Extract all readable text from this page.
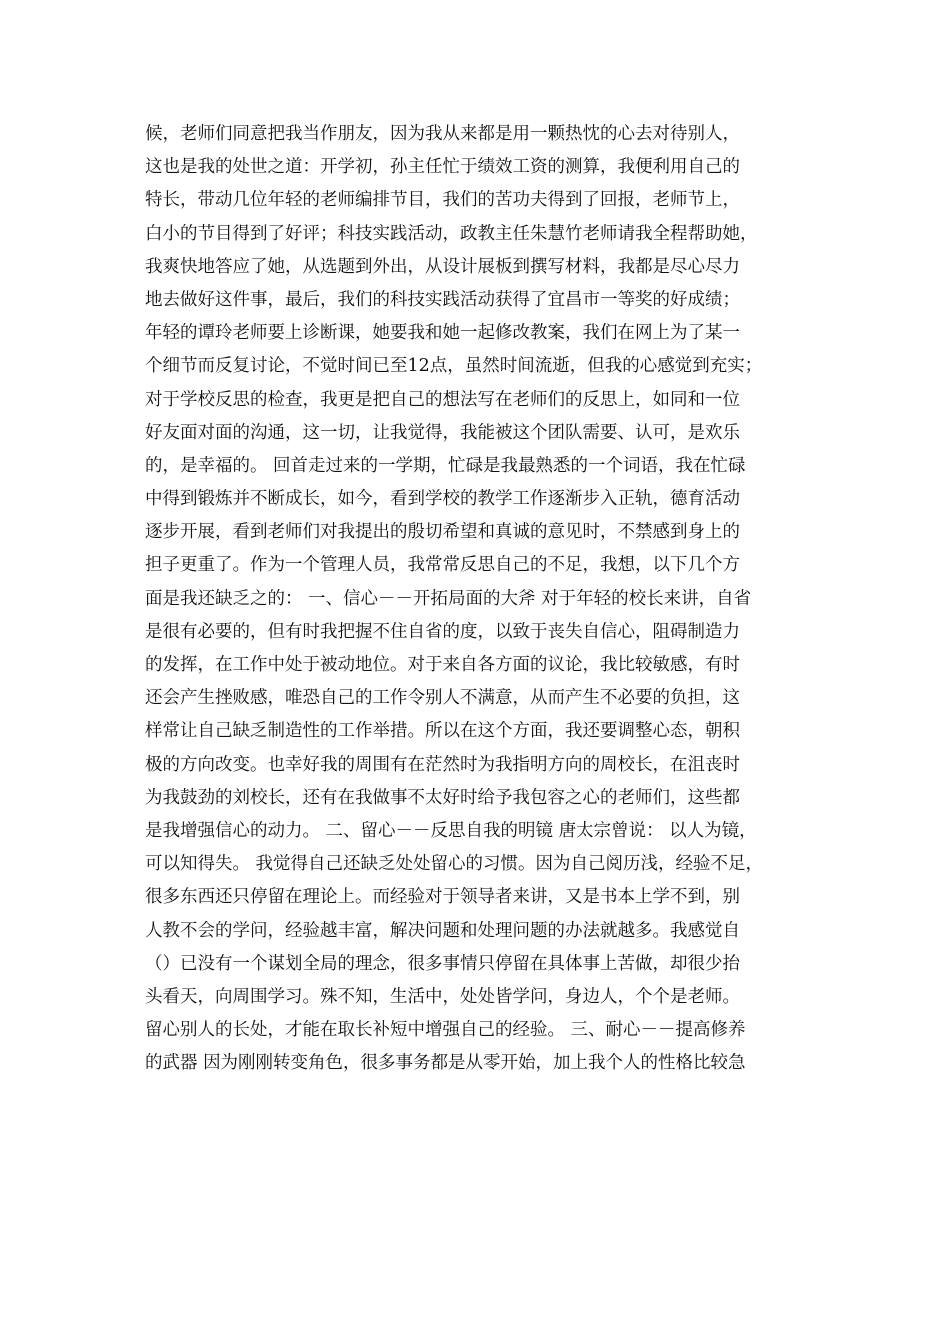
候，老师们同意把我当作朋友，因为我从来都是用一颗热忱的心去对待别人，
这也是我的处世之道：开学初，孙主任忙于绩效工资的测算，我便利用自己的
特长，带动几位年轻的老师编排节目，我们的苦功夫得到了回报，老师节上，
白小的节目得到了好评；科技实践活动，政教主任朱慧竹老师请我全程帮助她，
我爽快地答应了她，从选题到外出，从设计展板到撰写材料，我都是尽心尽力
地去做好这件事，最后，我们的科技实践活动获得了宜昌市一等奖的好成绩；
年轻的谭玲老师要上诊断课，她要我和她一起修改教案，我们在网上为了某一
个细节而反复讨论，不觉时间已至12点，虽然时间流逝，但我的心感觉到充实；
对于学校反思的检查，我更是把自己的想法写在老师们的反思上，如同和一位
好友面对面的沟通，这一切，让我觉得，我能被这个团队需要、认可，是欢乐
的，是幸福的。 回首走过来的一学期，忙碌是我最熟悉的一个词语，我在忙碌
中得到锻炼并不断成长，如今，看到学校的教学工作逐渐步入正轨，德育活动
逐步开展，看到老师们对我提出的殷切希望和真诚的意见时，不禁感到身上的
担子更重了。作为一个管理人员，我常常反思自己的不足，我想，以下几个方
面是我还缺乏之的： 一、信心－－开拓局面的大斧 对于年轻的校长来讲，自省
是很有必要的，但有时我把握不住自省的度，以致于丧失自信心，阻碍制造力
的发挥，在工作中处于被动地位。对于来自各方面的议论，我比较敏感，有时
还会产生挫败感，唯恐自己的工作令别人不满意，从而产生不必要的负担，这
样常让自己缺乏制造性的工作举措。所以在这个方面，我还要调整心态，朝积
极的方向改变。也幸好我的周围有在茫然时为我指明方向的周校长，在沮丧时
为我鼓劲的刘校长，还有在我做事不太好时给予我包容之心的老师们，这些都
是我增强信心的动力。 二、留心－－反思自我的明镜 唐太宗曾说： 以人为镜，
可以知得失。 我觉得自己还缺乏处处留心的习惯。因为自己阅历浅，经验不足，
很多东西还只停留在理论上。而经验对于领导者来讲，又是书本上学不到，别
人教不会的学问，经验越丰富，解决问题和处理问题的办法就越多。我感觉自
（）已没有一个谋划全局的理念，很多事情只停留在具体事上苦做，却很少抬
头看天，向周围学习。殊不知，生活中，处处皆学问，身边人，个个是老师。
留心别人的长处，才能在取长补短中增强自己的经验。 三、耐心－－提高修养
的武器 因为刚刚转变角色，很多事务都是从零开始，加上我个人的性格比较急
